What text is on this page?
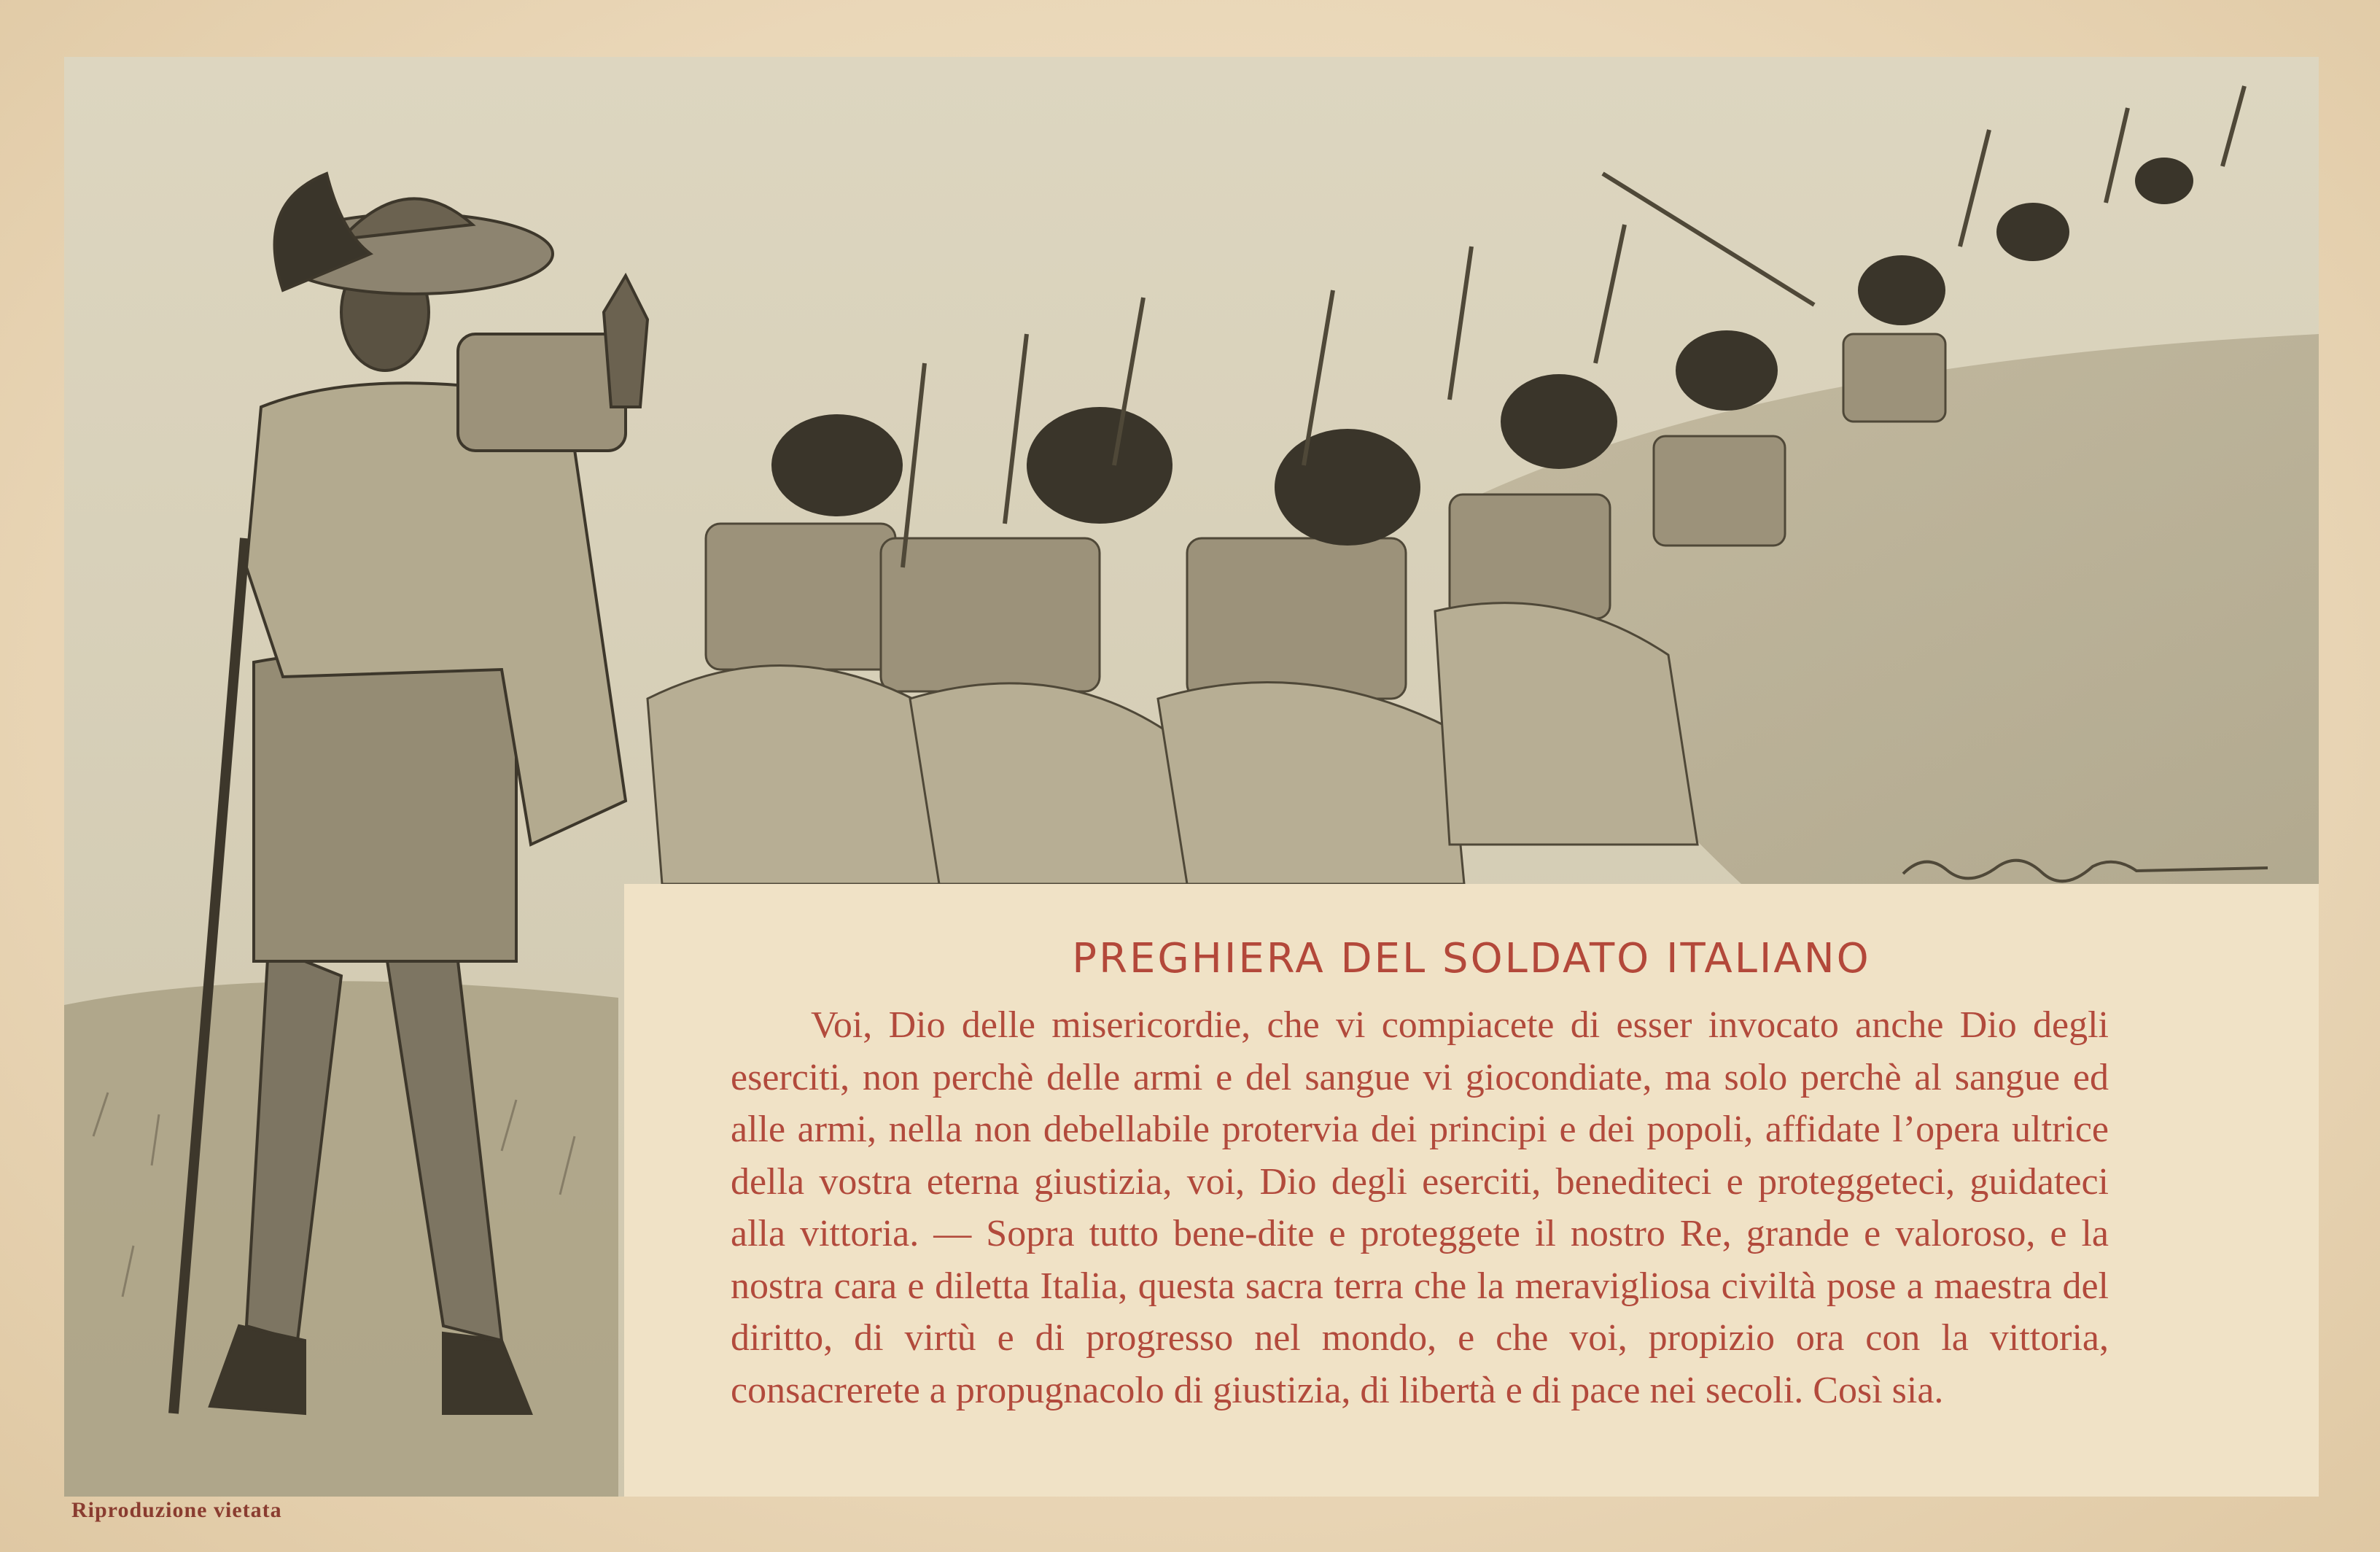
PREGHIERA DEL SOLDATO ITALIANO
Voi, Dio delle misericordie, che vi compiacete di esser invocato anche Dio degli eserciti, non perchè delle armi e del sangue vi giocondiate, ma solo perchè al sangue ed alle armi, nella non debellabile protervia dei principi e dei popoli, affidate l’opera ultrice della vostra eterna giustizia, voi, Dio degli eserciti, benediteci e proteggeteci, guidateci alla vittoria. — Sopra tutto bene-dite e proteggete il nostro Re, grande e valoroso, e la nostra cara e diletta Italia, questa sacra terra che la meravigliosa civiltà pose a maestra del diritto, di virtù e di progresso nel mondo, e che voi, propizio ora con la vittoria, consacrerete a propugnacolo di giustizia, di libertà e di pace nei secoli. Così sia.
Riproduzione vietata
